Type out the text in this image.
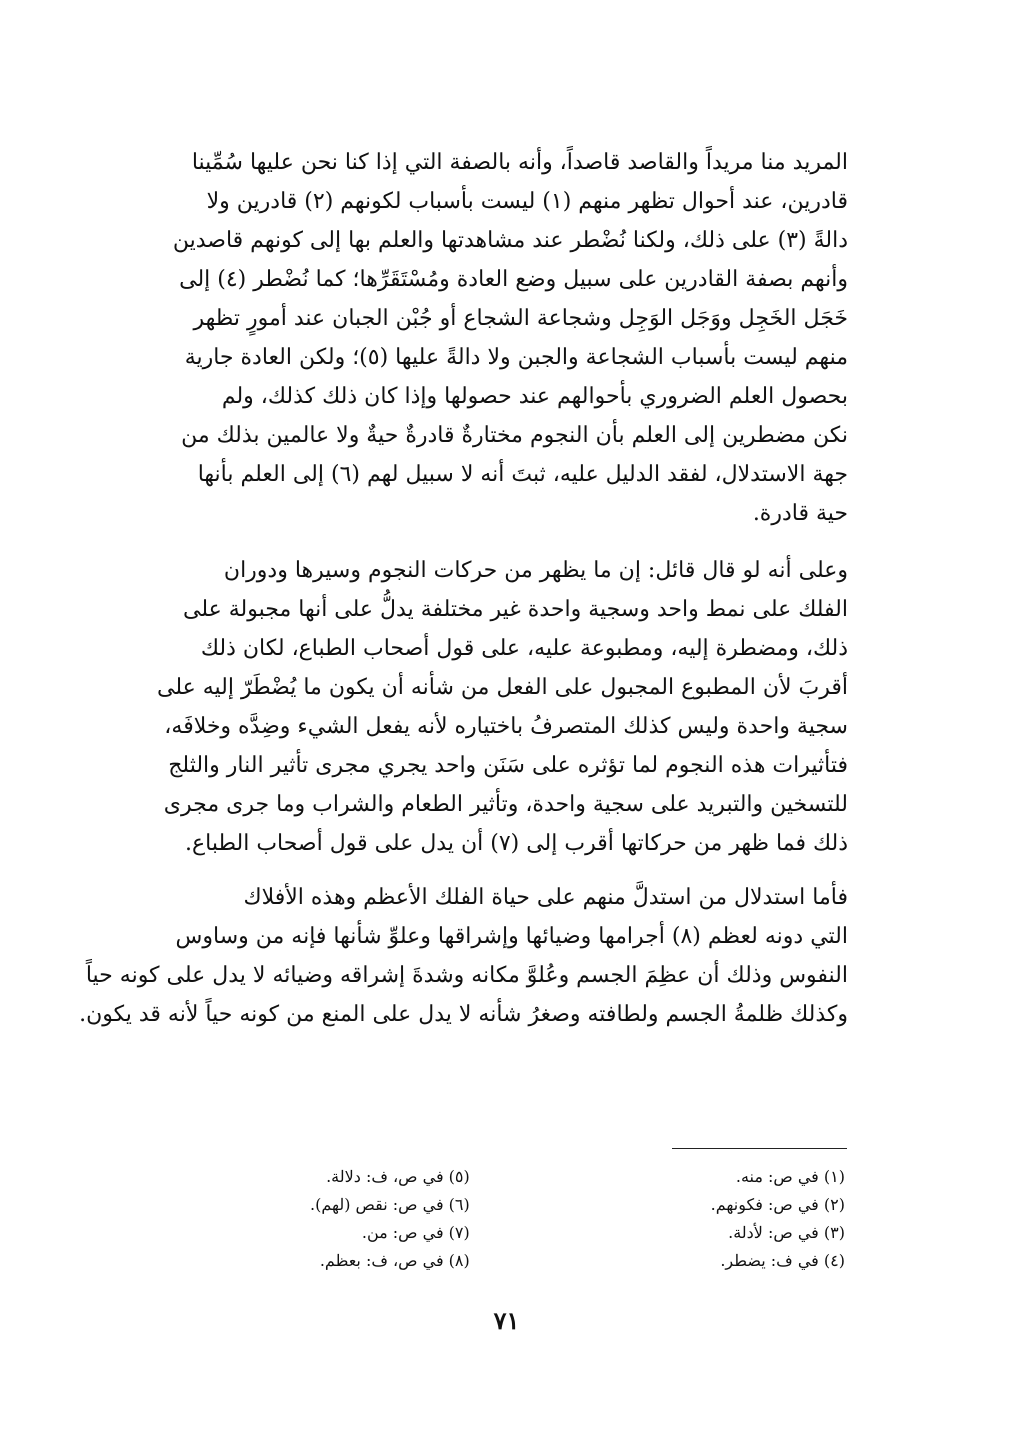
المريد منا مريداً والقاصد قاصداً، وأنه بالصفة التي إذا كنا نحن عليها سُمِّينا
قادرين، عند أحوال تظهر منهم (١) ليست بأسباب لكونهم (٢) قادرين ولا
دالةً (٣) على ذلك، ولكنا نُضْطر عند مشاهدتها والعلم بها إلى كونهم قاصدين
وأنهم بصفة القادرين على سبيل وضع العادة ومُسْتَقَرِّها؛ كما نُضْطر (٤) إلى
خَجَل الخَجِل ووَجَل الوَجِل وشجاعة الشجاع أو جُبْن الجبان عند أمورٍ تظهر
منهم ليست بأسباب الشجاعة والجبن ولا دالةً عليها (٥)؛ ولكن العادة جارية
بحصول العلم الضروري بأحوالهم عند حصولها وإذا كان ذلك كذلك، ولم
نكن مضطرين إلى العلم بأن النجوم مختارةٌ قادرةٌ حيةٌ ولا عالمين بذلك من
جهة الاستدلال، لفقد الدليل عليه، ثبتَ أنه لا سبيل لهم (٦) إلى العلم بأنها
حية قادرة.
وعلى أنه لو قال قائل: إن ما يظهر من حركات النجوم وسيرها ودوران
الفلك على نمط واحد وسجية واحدة غير مختلفة يدلُّ على أنها مجبولة على
ذلك، ومضطرة إليه، ومطبوعة عليه، على قول أصحاب الطباع، لكان ذلك
أقربَ لأن المطبوع المجبول على الفعل من شأنه أن يكون ما يُضْطَرّ إليه على
سجية واحدة وليس كذلك المتصرفُ باختياره لأنه يفعل الشيء وضِدَّه وخلافَه،
فتأثيرات هذه النجوم لما تؤثره على سَنَن واحد يجري مجرى تأثير النار والثلج
للتسخين والتبريد على سجية واحدة، وتأثير الطعام والشراب وما جرى مجرى
ذلك فما ظهر من حركاتها أقرب إلى (٧) أن يدل على قول أصحاب الطباع.
فأما استدلال من استدلَّ منهم على حياة الفلك الأعظم وهذه الأفلاك
التي دونه لعظم (٨) أجرامها وضيائها وإشراقها وعلوِّ شأنها فإنه من وساوس
النفوس وذلك أن عظِمَ الجسم وعُلوَّ مكانه وشدةَ إشراقه وضيائه لا يدل على كونه حياً
وكذلك ظلمةُ الجسم ولطافته وصغرُ شأنه لا يدل على المنع من كونه حياً لأنه قد يكون.
(١) في ص: منه.
(٢) في ص: فكونهم.
(٣) في ص: لأدلة.
(٤) في ف: يضطر.
(٥) في ص، ف: دلالة.
(٦) في ص: نقص (لهم).
(٧) في ص: من.
(٨) في ص، ف: بعظم.
٧١
